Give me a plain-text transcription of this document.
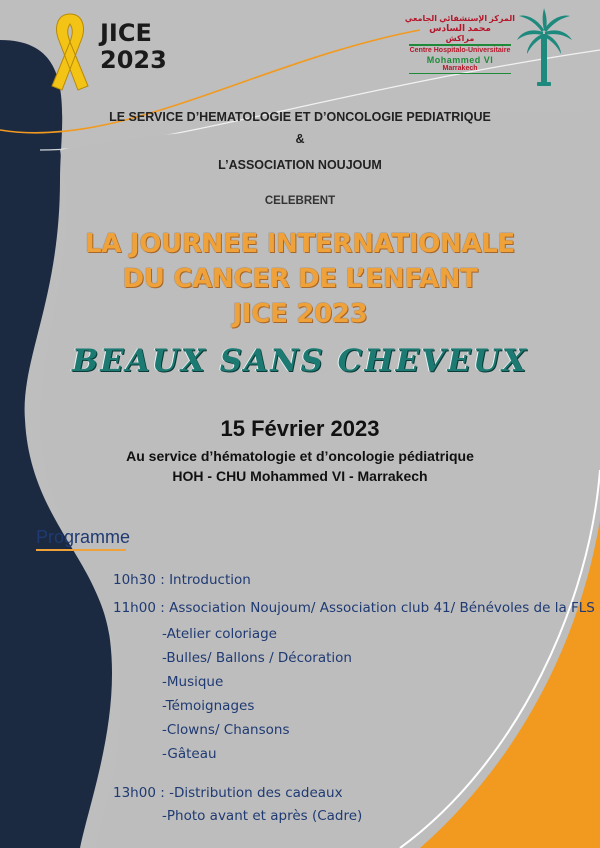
JICE
2023
المركز الإستشفائي الجامعي
محمد السادس
مراكش
Centre Hospitalo-Universitaire
Mohammed VI
Marrakech
LE SERVICE D’HEMATOLOGIE ET D’ONCOLOGIE PEDIATRIQUE
&
L’ASSOCIATION NOUJOUM
CELEBRENT
LA JOURNEE INTERNATIONALE
DU CANCER DE L’ENFANT
JICE 2023
BEAUX SANS CHEVEUX
15 Février 2023
Au service d’hématologie et d’oncologie pédiatrique
HOH - CHU Mohammed VI - Marrakech
Programme
10h30 : Introduction
11h00 : Association Noujoum/ Association club 41/ Bénévoles de la FLS
-Atelier coloriage
-Bulles/ Ballons / Décoration
-Musique
-Témoignages
-Clowns/ Chansons
-Gâteau
13h00 : -Distribution des cadeaux
-Photo avant et après (Cadre)
